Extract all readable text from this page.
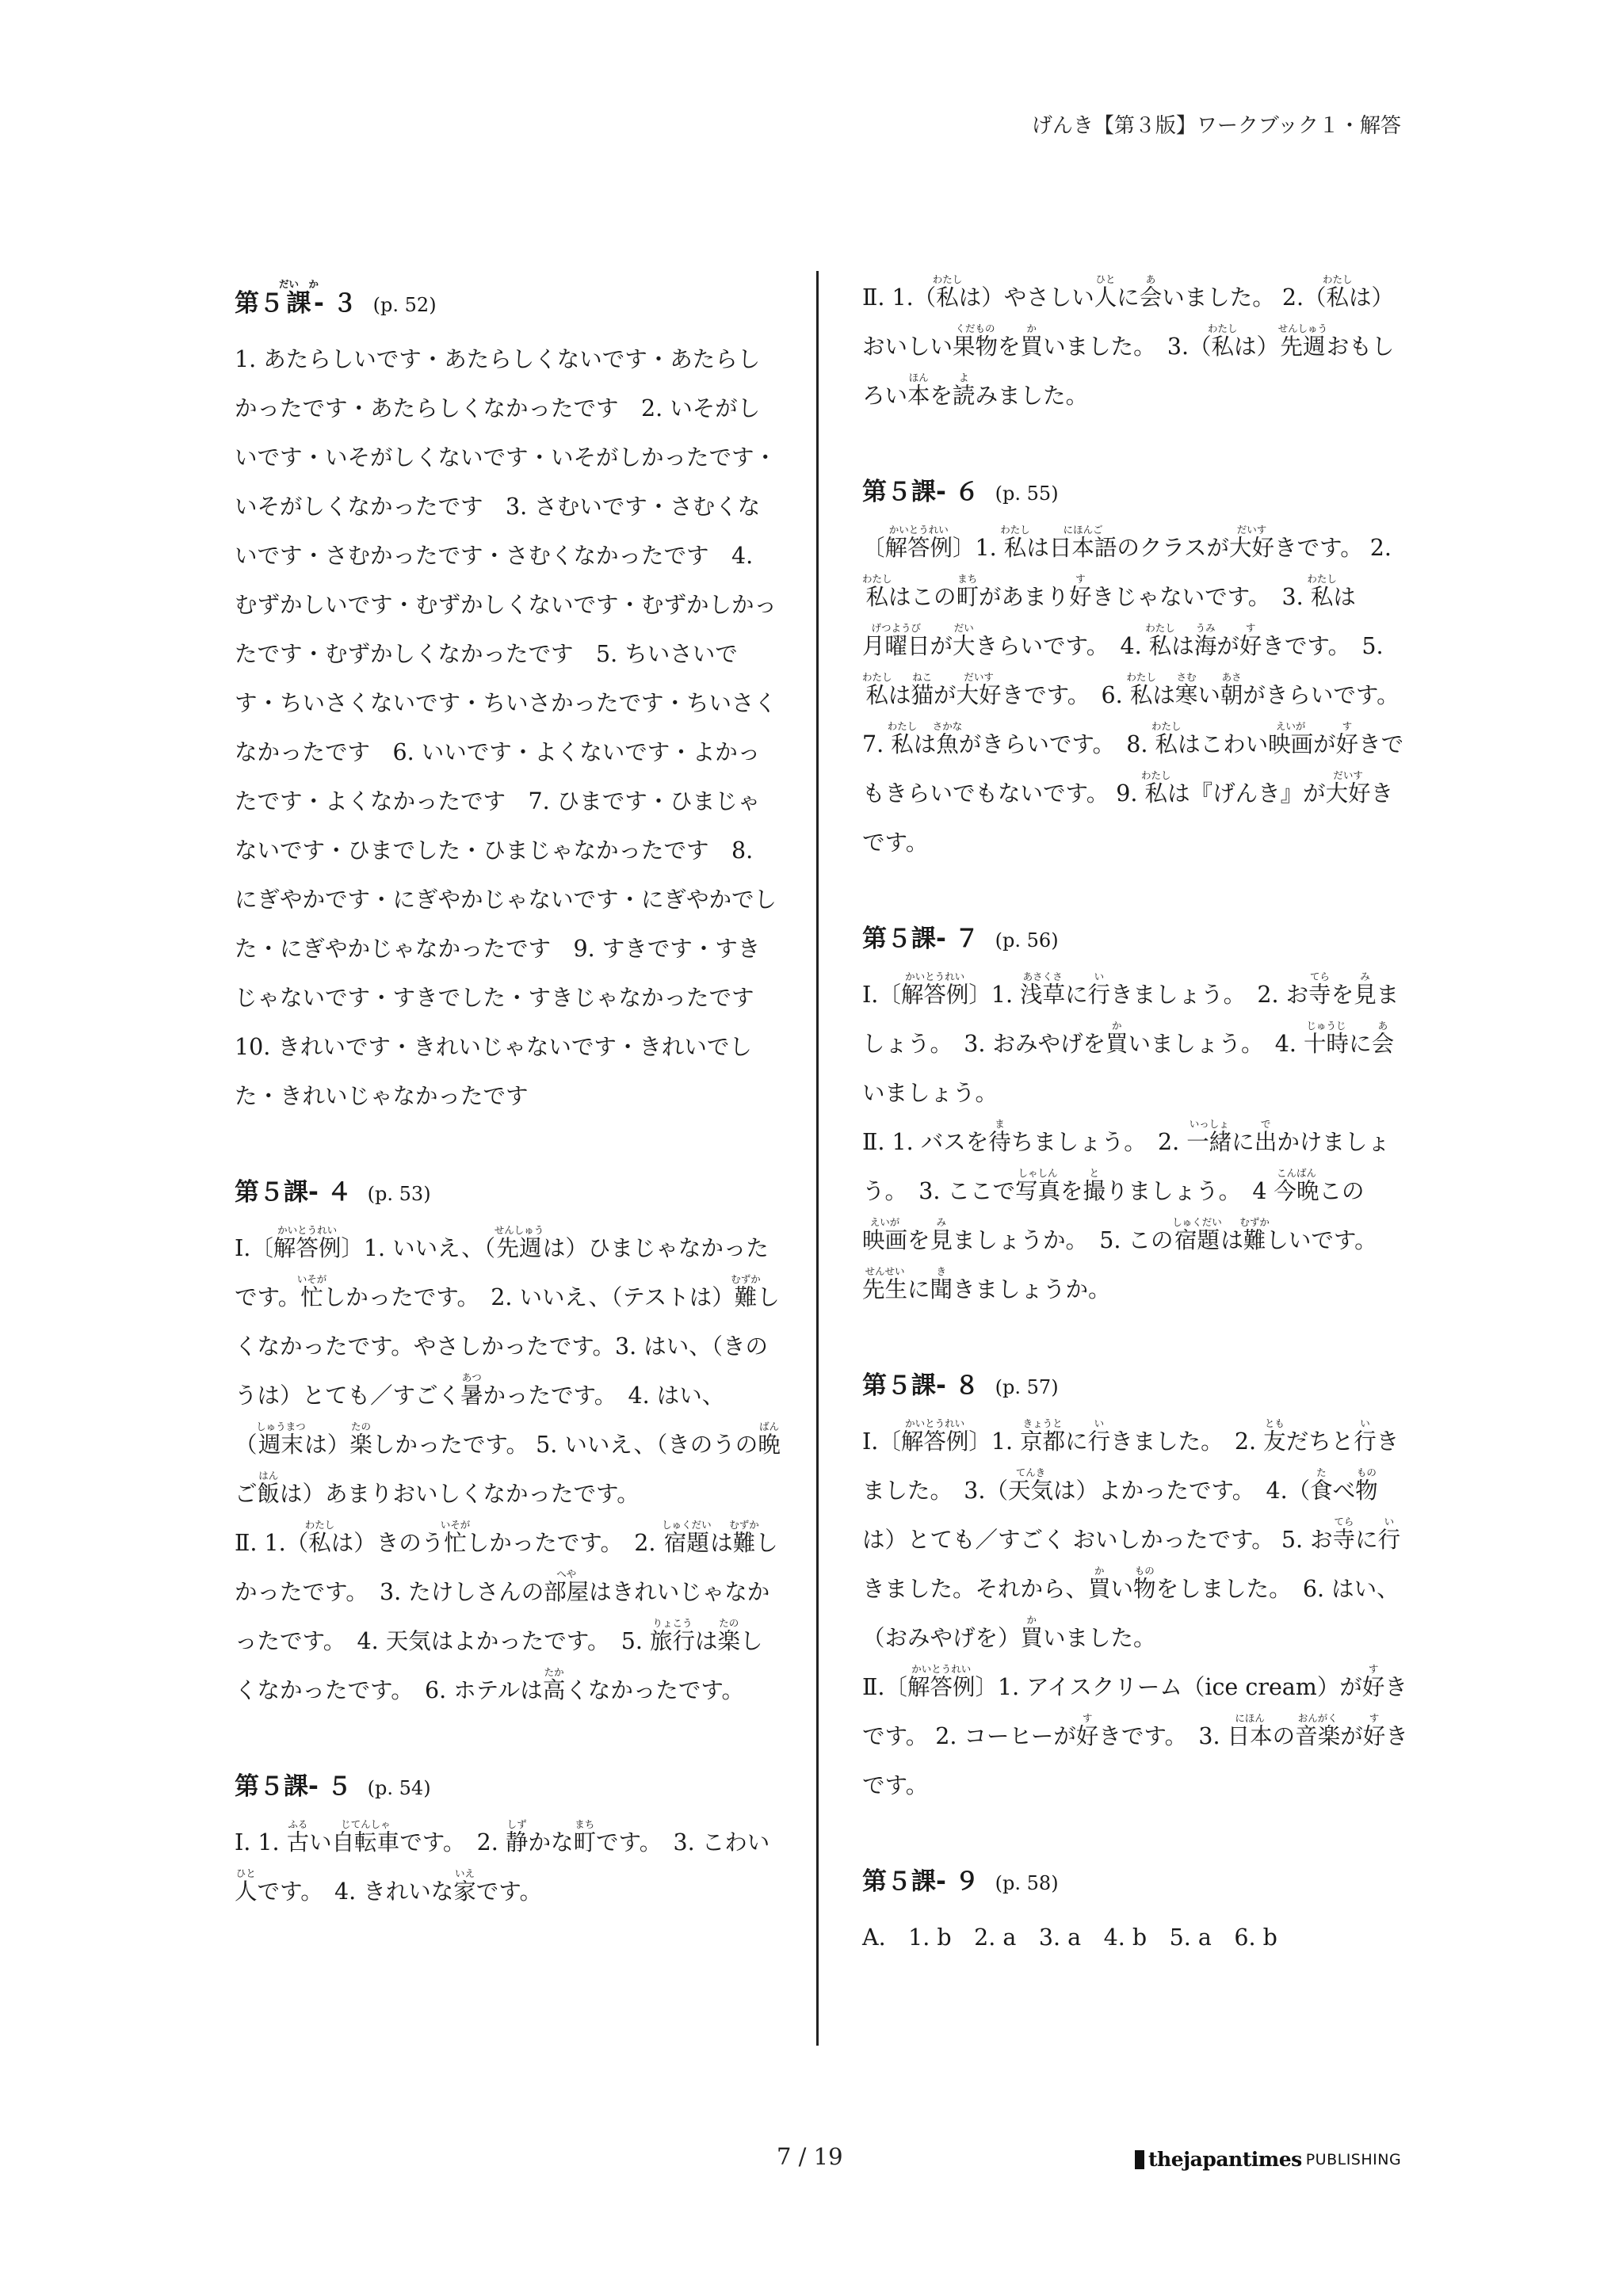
げんき【第３版】ワークブック１・解答
第５課だい　か- ３ (p. 52)

1. あたらしいです・あたらしくないです・あたらしかったです・あたらしくなかったです　2. いそがしいです・いそがしくないです・いそがしかったです・いそがしくなかったです　3. さむいです・さむくないです・さむかったです・さむくなかったです　4. むずかしいです・むずかしくないです・むずかしかったです・むずかしくなかったです　5. ちいさいです・ちいさくないです・ちいさかったです・ちいさくなかったです　6. いいです・よくないです・よかったです・よくなかったです　7. ひまです・ひまじゃないです・ひまでした・ひまじゃなかったです　8. にぎやかです・にぎやかじゃないです・にぎやかでした・にぎやかじゃなかったです　9. すきです・すきじゃないです・すきでした・すきじゃなかったです　10. きれいです・きれいじゃないです・きれいでした・きれいじゃなかったです

第５課- ４ (p. 53)

Ⅰ.〔解答例かいとうれい〕1. いいえ、（先週せんしゅうは）ひまじゃなかったです。忙いそがしかったです。　2. いいえ、（テストは）難むずかしくなかったです。やさしかったです。3. はい、（きのうは）とても／すごく暑あつかったです。　4. はい、（週末しゅうまつは）楽たのしかったです。 5. いいえ、（きのうの晩ばんご飯はんは）あまりおいしくなかったです。

Ⅱ. 1.（私わたしは）きのう忙いそがしかったです。　2. 宿題しゅくだいは難むずかしかったです。　3. たけしさんの部屋へやはきれいじゃなかったです。　4. 天気はよかったです。　5. 旅行りょこうは楽たのしくなかったです。　6. ホテルは高たかくなかったです。

第５課- ５ (p. 54)

Ⅰ. 1. 古ふるい自転車じてんしゃです。　2. 静しずかな町まちです。　3. こわい人ひとです。　4. きれいな家いえです。

Ⅱ. 1.（私わたしは）やさしい人ひとに会あいました。 2.（私わたしは）おいしい果物くだものを買かいました。　3.（私わたしは）先週せんしゅうおもしろい本ほんを読よみました。

第５課- ６ (p. 55)

〔解答例かいとうれい〕1. 私わたしは日本語にほんごのクラスが大好だいすきです。 2. 私わたしはこの町まちがあまり好すきじゃないです。　3. 私わたしは月曜日げつようびが大だいきらいです。　4. 私わたしは海うみが好すきです。　5. 私わたしは猫ねこが大好だいすきです。　6. 私わたしは寒さむい朝あさがきらいです。　7. 私わたしは魚さかながきらいです。　8. 私わたしはこわい映画えいがが好すきでもきらいでもないです。 9. 私わたしは『げんき』が大好だいすきです。

第５課- ７ (p. 56)

Ⅰ.〔解答例かいとうれい〕1. 浅草あさくさに行いきましょう。　2. お寺てらを見みましょう。　3. おみやげを買かいましょう。　4. 十時じゅうじに会あいましょう。

Ⅱ. 1. バスを待まちましょう。　2. 一緒いっしょに出でかけましょう。　3. ここで写真しゃしんを撮とりましょう。　4 今晩こんばんこの映画えいがを見みましょうか。　5. この宿題しゅくだいは難むずかしいです。先生せんせいに聞ききましょうか。

第５課- ８ (p. 57)

Ⅰ.〔解答例かいとうれい〕1. 京都きょうとに行いきました。　2. 友ともだちと行いきました。　3.（天気てんきは）よかったです。　4.（食たべ物ものは）とても／すごく おいしかったです。 5. お寺てらに行いきました。それから、買かい物ものをしました。　6. はい、（おみやげを）買かいました。

Ⅱ.〔解答例かいとうれい〕1. アイスクリーム（ice cream）が好すきです。 2. コーヒーが好すきです。　3. 日本にほんの音楽おんがくが好すきです。

第５課- ９ (p. 58)

A.　1. b　2. a　3. a　4. b　5. a　6. b

7 / 19	thejapantimes PUBLISHING
